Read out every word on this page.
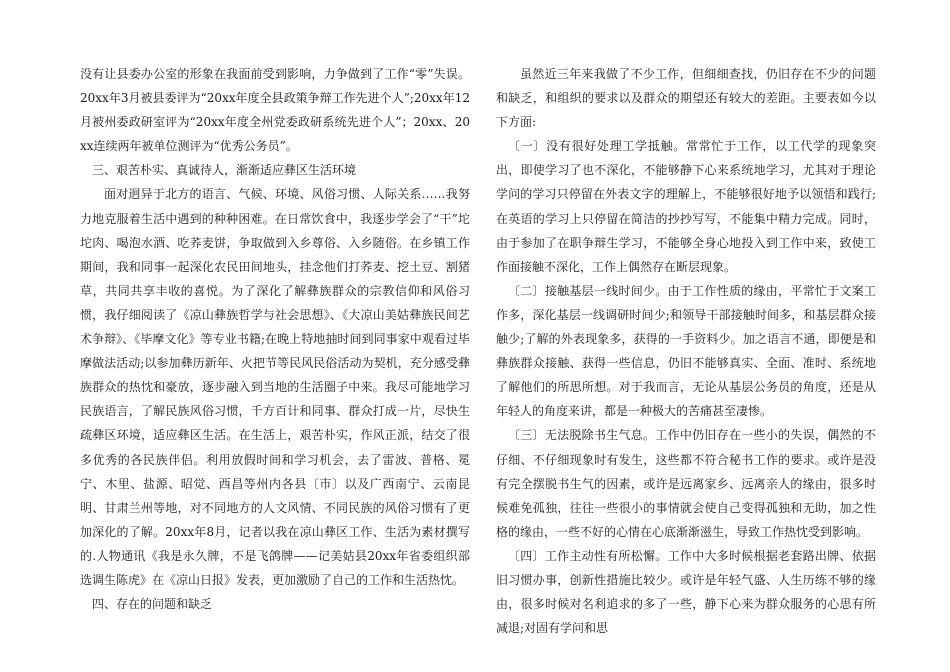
没有让县委办公室的形象在我面前受到影响，力争做到了工作“零”失误。20xx年3月被县委评为“20xx年度全县政策争辩工作先进个人”;20xx年12月被州委政研室评为“20xx年度全州党委政研系统先进个人”；20xx、20xx连续两年被单位测评为“优秀公务员”。

三、艰苦朴实、真诚待人，渐渐适应彝区生活环境

面对迥异于北方的语言、气候、环境、风俗习惯、人际关系……我努力地克服着生活中遇到的种种困难。在日常饮食中，我逐步学会了“干”坨坨肉、喝泡水酒、吃荞麦饼，争取做到入乡尊俗、入乡随俗。在乡镇工作期间，我和同事一起深化农民田间地头，挂念他们打荞麦、挖土豆、割猪草，共同共享丰收的喜悦。为了深化了解彝族群众的宗教信仰和风俗习惯，我仔细阅读了《凉山彝族哲学与社会思想》、《大凉山美姑彝族民间艺术争辩》、《毕摩文化》等专业书籍;在晚上特地抽时间到同事家中观看过毕摩做法活动;以参加彝历新年、火把节等民风民俗活动为契机，充分感受彝族群众的热忱和豪放，逐步融入到当地的生活圈子中来。我尽可能地学习民族语言，了解民族风俗习惯，千方百计和同事、群众打成一片，尽快生疏彝区环境，适应彝区生活。在生活上，艰苦朴实，作风正派，结交了很多优秀的各民族伴侣。利用放假时间和学习机会，去了雷波、普格、冕宁、木里、盐源、昭觉、西昌等州内各县〔市〕以及广西南宁、云南昆明、甘肃兰州等地，对不同地方的人文风情、不同民族的风俗习惯有了更加深化的了解。20xx年8月，记者以我在凉山彝区工作、生活为素材撰写的.人物通讯《我是永久牌，不是飞鸽牌——记美姑县20xx年省委组织部选调生陈虎》在《凉山日报》发表，更加激励了自己的工作和生活热忱。

四、存在的问题和缺乏

虽然近三年来我做了不少工作，但细细查找，仍旧存在不少的问题和缺乏，和组织的要求以及群众的期望还有较大的差距。主要表如今以下方面:

〔一〕没有很好处理工学抵触。常常忙于工作，以工代学的现象突出，即使学习了也不深化，不能够静下心来系统地学习，尤其对于理论学问的学习只停留在外表文字的理解上，不能够很好地予以领悟和践行;在英语的学习上只停留在简洁的抄抄写写，不能集中精力完成。同时，由于参加了在职争辩生学习，不能够全身心地投入到工作中来，致使工作面接触不深化，工作上偶然存在断层现象。

〔二〕接触基层一线时间少。由于工作性质的缘由，平常忙于文案工作多，深化基层一线调研时间少;和领导干部接触时间多，和基层群众接触少;了解的外表现象多，获得的一手资料少。加之语言不通，即便是和彝族群众接触、获得一些信息，仍旧不能够真实、全面、准时、系统地了解他们的所思所想。对于我而言，无论从基层公务员的角度，还是从年轻人的角度来讲，都是一种极大的苦痛甚至凄惨。

〔三〕无法脱除书生气息。工作中仍旧存在一些小的失误，偶然的不仔细、不仔细现象时有发生，这些都不符合秘书工作的要求。或许是没有完全摆脱书生气的因素，或许是远离家乡、远离亲人的缘由，很多时候难免孤独，往往一些很小的事情就会使自己变得孤独和无助，加之性格的缘由，一些不好的心情在心底渐渐滋生，导致工作热忱受到影响。

〔四〕工作主动性有所松懈。工作中大多时候根据老套路出牌、依据旧习惯办事，创新性措施比较少。或许是年轻气盛、人生历练不够的缘由，很多时候对名利追求的多了一些，静下心来为群众服务的心思有所减退;对固有学问和思
